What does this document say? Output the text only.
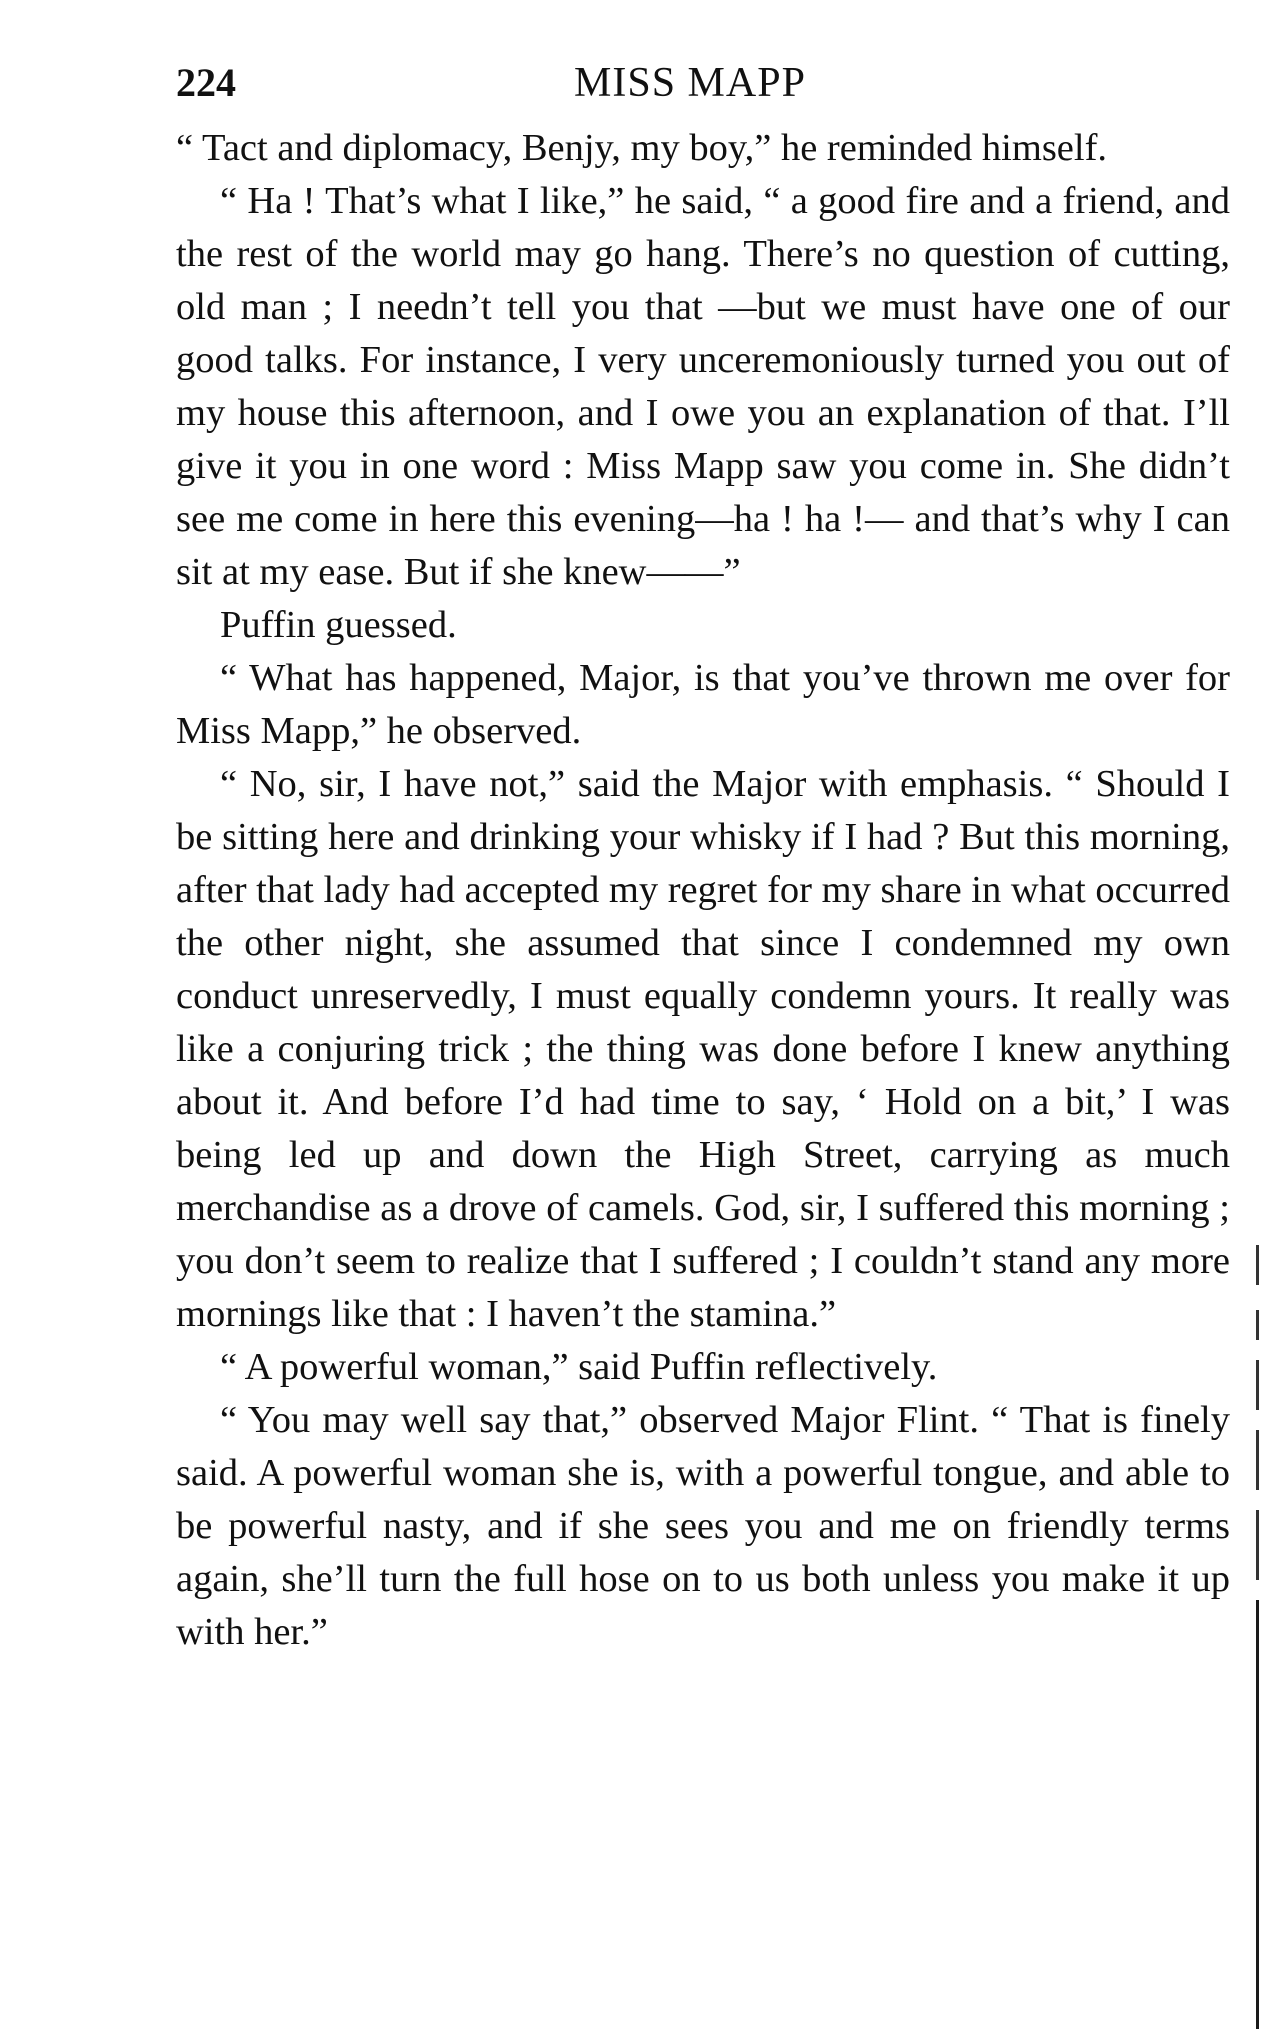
224	MISS MAPP

“ Tact and diplomacy, Benjy, my boy,” he reminded himself.

“ Ha ! That’s what I like,” he said, “ a good fire and a friend, and the rest of the world may go hang. There’s no question of cutting, old man ; I needn’t tell you that —but we must have one of our good talks. For instance, I very unceremoniously turned you out of my house this afternoon, and I owe you an explanation of that. I’ll give it you in one word : Miss Mapp saw you come in. She didn’t see me come in here this evening—ha ! ha !— and that’s why I can sit at my ease. But if she knew——”

Puffin guessed.

“ What has happened, Major, is that you’ve thrown me over for Miss Mapp,” he observed.

“ No, sir, I have not,” said the Major with emphasis. “ Should I be sitting here and drinking your whisky if I had ? But this morning, after that lady had accepted my regret for my share in what occurred the other night, she assumed that since I condemned my own conduct unreservedly, I must equally condemn yours. It really was like a conjuring trick ; the thing was done before I knew anything about it. And before I’d had time to say, ‘ Hold on a bit,’ I was being led up and down the High Street, carrying as much merchandise as a drove of camels. God, sir, I suffered this morning ; you don’t seem to realize that I suffered ; I couldn’t stand any more mornings like that : I haven’t the stamina.”

“ A powerful woman,” said Puffin reflectively.

“ You may well say that,” observed Major Flint. “ That is finely said. A powerful woman she is, with a powerful tongue, and able to be powerful nasty, and if she sees you and me on friendly terms again, she’ll turn the full hose on to us both unless you make it up with her.”
